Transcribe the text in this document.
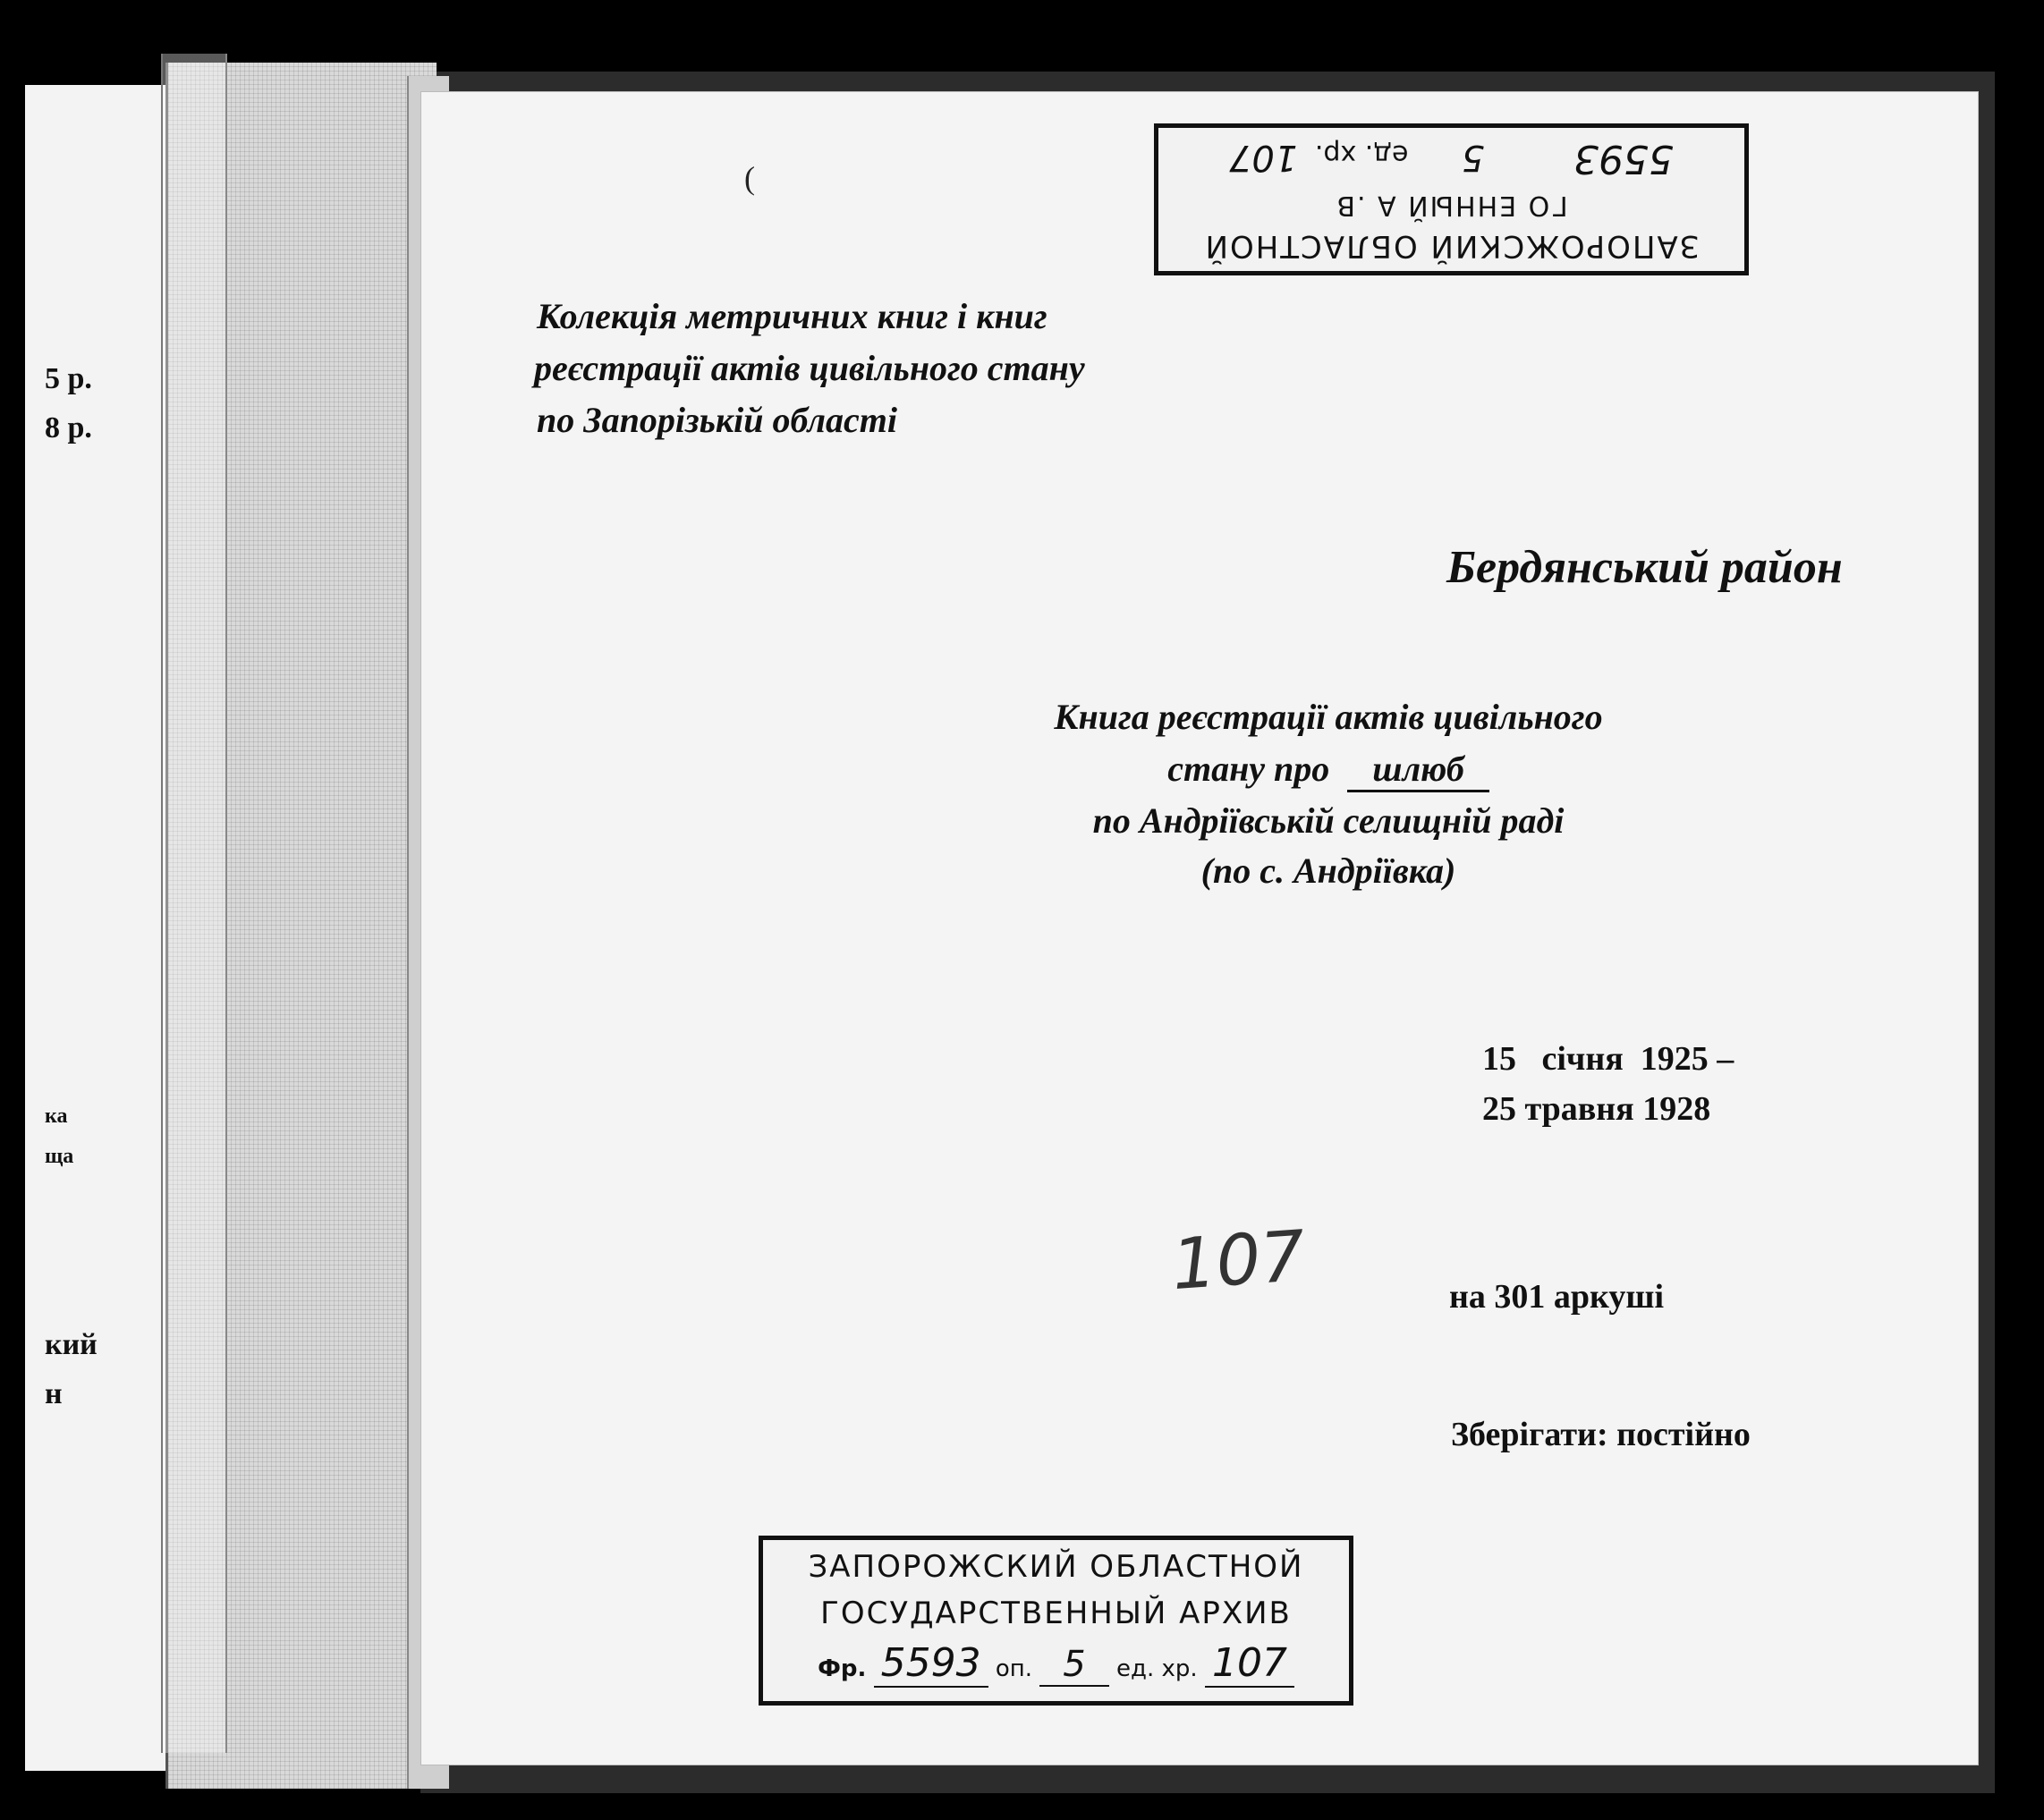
5 р.
8 р.
ка
ща
кий
н
(
ЗАПОРОЖСКИЙ ОБЛАСТНОЙ
ГО ЕННЫЙ А .В
5593 5 ед. хр. 107
Колекція метричних книг і книг
реєстрації актів цивільного стану
по Запорізькій області
Бердянський район
Книга реєстрації актів цивільного
стану про шлюб
по Андріївській селищній раді
(по с. Андріївка)
15   січня  1925 –
25 травня 1928
107	на 301 аркуші
Зберігати: постійно
ЗАПОРОЖСКИЙ ОБЛАСТНОЙ
ГОСУДАРСТВЕННЫЙ АРХИВ
Фр. 5593 оп. 5 ед. хр. 107
